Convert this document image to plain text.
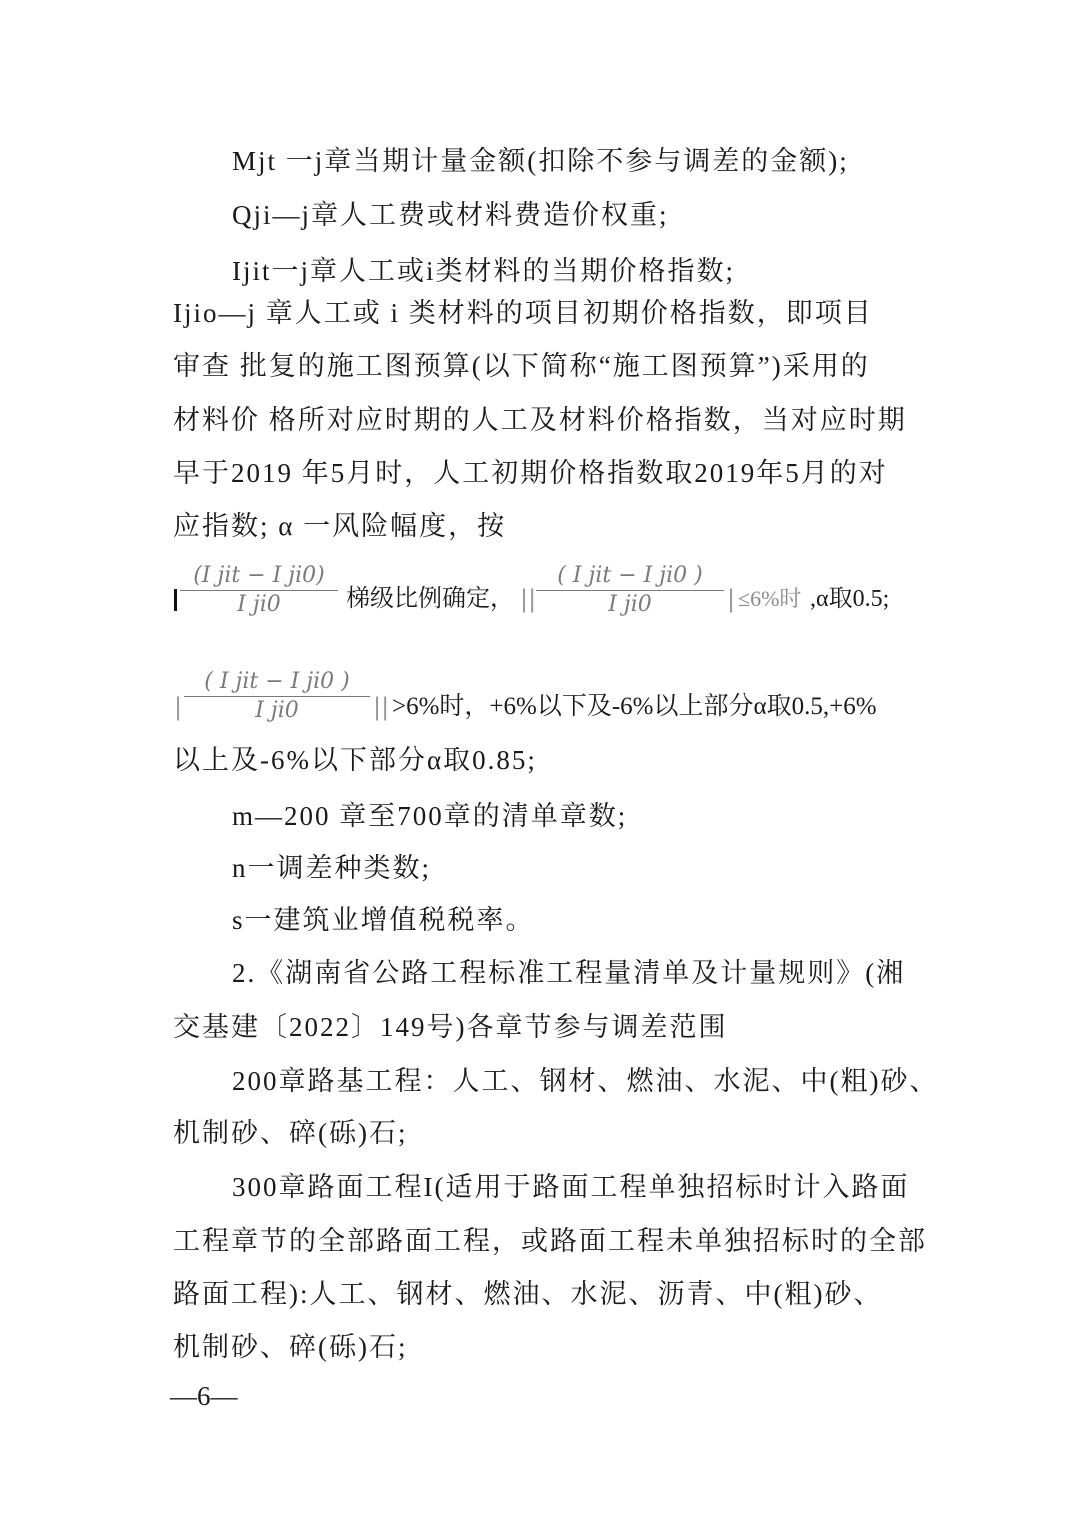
Mjt 一j章当期计量金额(扣除不参与调差的金额);
Qji—j章人工费或材料费造价权重;
Ijit一j章人工或i类材料的当期价格指数;
Ijio—j 章人工或 i 类材料的项目初期价格指数，即项目
审查 批复的施工图预算(以下简称“施工图预算”)采用的
材料价 格所对应时期的人工及材料价格指数，当对应时期
早于2019 年5月时，人工初期价格指数取2019年5月的对
应指数; α 一风险幅度，按
(I jit − I ji0)
I ji0	梯级比例确定， ||
( I jit − I ji0 )
I ji0	| ≤6%时 ,α取0.5;
|
( I jit − I ji0 )
I ji0	|| >6%时，+6%以下及-6%以上部分α取0.5,+6%
以上及-6%以下部分α取0.85;
m—200 章至700章的清单章数;
n一调差种类数;
s一建筑业增值税税率。
2.《湖南省公路工程标准工程量清单及计量规则》(湘
交基建〔2022〕149号)各章节参与调差范围
200章路基工程：人工、钢材、燃油、水泥、中(粗)砂、
机制砂、碎(砾)石;
300章路面工程I(适用于路面工程单独招标时计入路面
工程章节的全部路面工程，或路面工程未单独招标时的全部
路面工程):人工、钢材、燃油、水泥、沥青、中(粗)砂、
机制砂、碎(砾)石;
—6—
